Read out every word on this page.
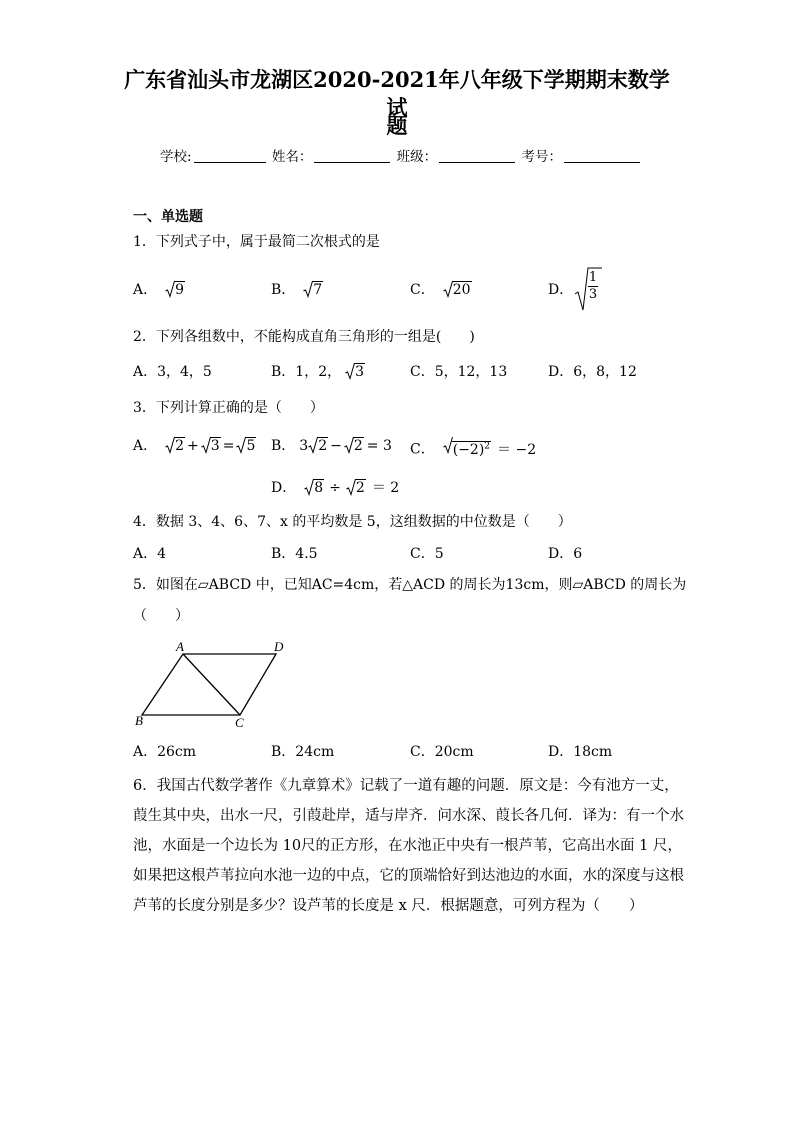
广东省汕头市龙湖区2020-2021年八年级下学期期末数学试
题
学校:	姓名：	班级：	考号：
一、单选题
1．下列式子中，属于最简二次根式的是
A． 9	B． 7	C． 20	D． $\frac{1}{3}$
2．下列各组数中，不能构成直角三角形的一组是(　　)
A．3，4，5	B．1，2， 3	C．5，12，13	D．6，8，12
3．下列计算正确的是（　　）
A． 2 + 3 = 5 B． 3 2 − 2 = 3 C． $(-2)^2 = -2$
D． 8 ÷ 2 ＝ 2
4．数据 3、4、6、7、x 的平均数是 5，这组数据的中位数是（　　）
A．4	B．4.5	C．5	D．6
5．如图在▱ABCD 中，已知AC=4cm，若△ACD 的周长为13cm，则▱ABCD 的周长为
（　　）
A	D
B	C
A．26cm	B．24cm	C．20cm	D．18cm
6．我国古代数学著作《九章算术》记载了一道有趣的问题．原文是：今有池方一丈，
葭生其中央，出水一尺，引葭赴岸，适与岸齐．问水深、葭长各几何．译为：有一个水
池，水面是一个边长为 10尺的正方形，在水池正中央有一根芦苇，它高出水面 1 尺，
如果把这根芦苇拉向水池一边的中点，它的顶端恰好到达池边的水面，水的深度与这根
芦苇的长度分别是多少？设芦苇的长度是 x 尺．根据题意，可列方程为（　　）
